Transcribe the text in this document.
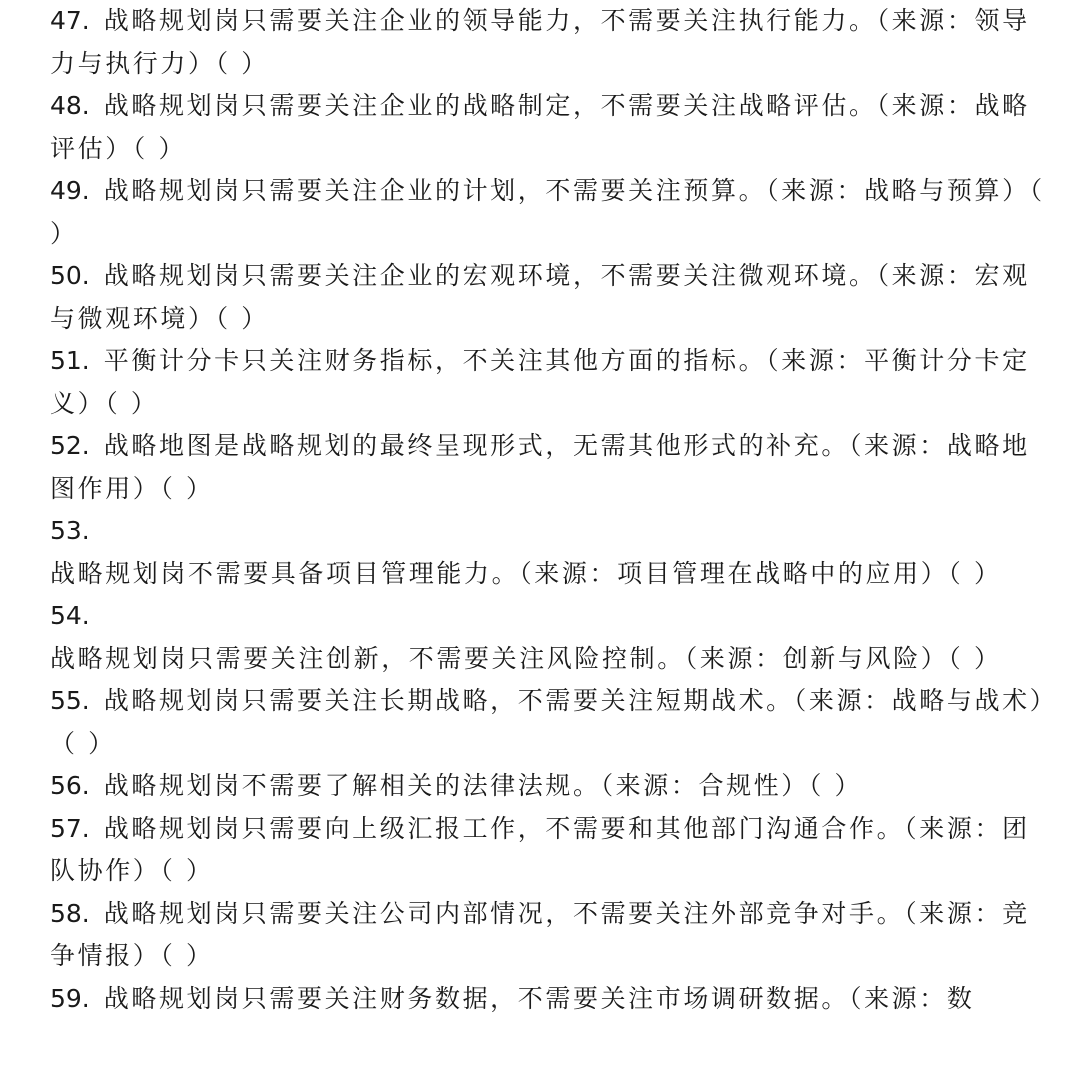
47. 战略规划岗只需要关注企业的领导能力，不需要关注执行能力。（来源：领导力与执行力）（ ）
48. 战略规划岗只需要关注企业的战略制定，不需要关注战略评估。（来源：战略评估）（ ）
49. 战略规划岗只需要关注企业的计划，不需要关注预算。（来源：战略与预算）（ ）
50. 战略规划岗只需要关注企业的宏观环境，不需要关注微观环境。（来源：宏观与微观环境）（ ）
51. 平衡计分卡只关注财务指标，不关注其他方面的指标。（来源：平衡计分卡定义）（ ）
52. 战略地图是战略规划的最终呈现形式，无需其他形式的补充。（来源：战略地图作用）（ ）
53.战略规划岗不需要具备项目管理能力。（来源：项目管理在战略中的应用）（ ）
54.战略规划岗只需要关注创新，不需要关注风险控制。（来源：创新与风险）（ ）
55. 战略规划岗只需要关注长期战略，不需要关注短期战术。（来源：战略与战术）（ ）
56. 战略规划岗不需要了解相关的法律法规。（来源：合规性）（ ）
57. 战略规划岗只需要向上级汇报工作，不需要和其他部门沟通合作。（来源：团队协作）（ ）
58. 战略规划岗只需要关注公司内部情况，不需要关注外部竞争对手。（来源：竞争情报）（ ）
59. 战略规划岗只需要关注财务数据，不需要关注市场调研数据。（来源：数
